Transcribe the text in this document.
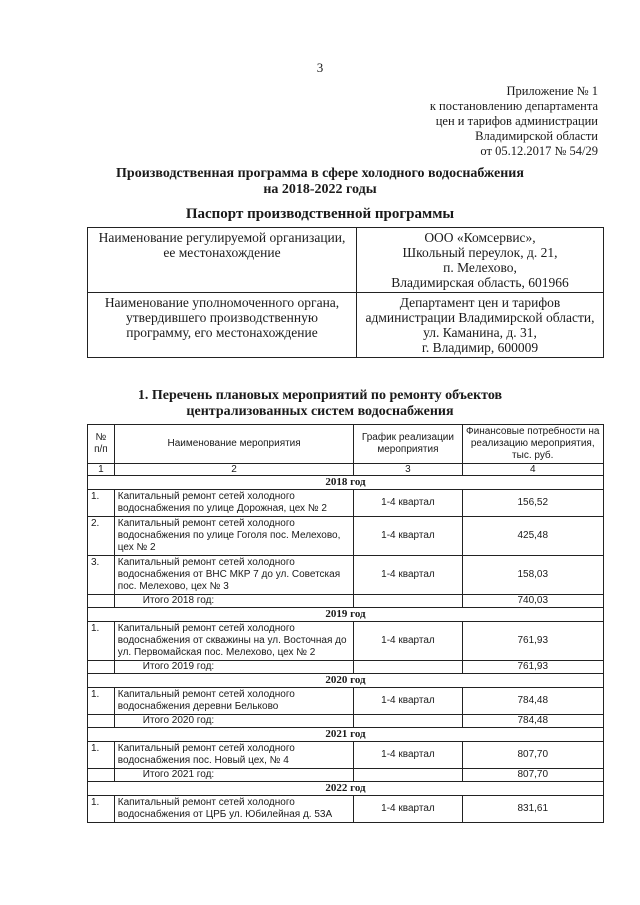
3
Приложение № 1
к постановлению департамента
цен и тарифов администрации
Владимирской области
от 05.12.2017 № 54/29
Производственная программа в сфере холодного водоснабжения
на 2018-2022 годы
Паспорт производственной программы
Наименование регулируемой организации, ее местонахождение	ООО «Комсервис»,
Школьный переулок, д. 21,
п. Мелехово,
Владимирская область, 601966

Наименование уполномоченного органа, утвердившего производственную программу, его местонахождение	Департамент цен и тарифов
администрации Владимирской области,
ул. Каманина, д. 31,
г. Владимир, 600009
1. Перечень плановых мероприятий по ремонту объектов
централизованных систем водоснабжения
№ п/п	Наименование мероприятия	График реализации мероприятия	Финансовые потребности на реализацию мероприятия, тыс. руб.
1	2	3	4
2018 год			
1.	Капитальный ремонт сетей холодного водоснабжения по улице Дорожная, цех № 2	1-4 квартал	156,52
2.	Капитальный ремонт сетей холодного водоснабжения по улице Гоголя пос. Мелехово, цех № 2	1-4 квартал	425,48
3.	Капитальный ремонт сетей холодного водоснабжения от ВНС МКР 7 до ул. Советская пос. Мелехово, цех № 3	1-4 квартал	158,03
	Итого 2018 год:		740,03
2019 год			
1.	Капитальный ремонт сетей холодного водоснабжения от скважины на ул. Восточная до ул. Первомайская пос. Мелехово, цех № 2	1-4 квартал	761,93
	Итого 2019 год:		761,93
2020 год			
1.	Капитальный ремонт сетей холодного водоснабжения деревни Бельково	1-4 квартал	784,48
	Итого 2020 год:		784,48
2021 год			
1.	Капитальный ремонт сетей холодного водоснабжения пос. Новый цех, № 4	1-4 квартал	807,70
	Итого 2021 год:		807,70
2022 год			
1.	Капитальный ремонт сетей холодного водоснабжения от ЦРБ ул. Юбилейная д. 53А	1-4 квартал	831,61
